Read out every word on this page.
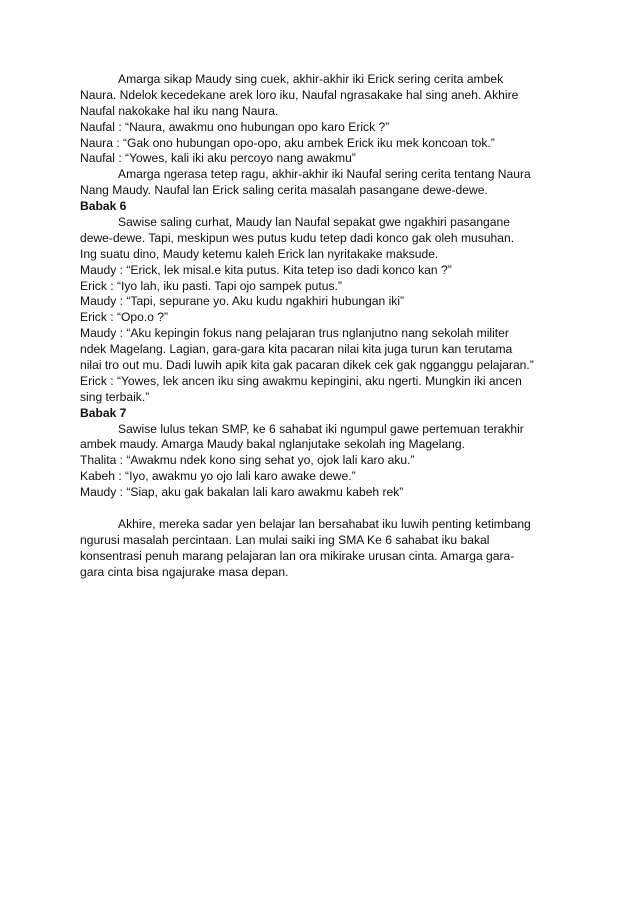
Amarga sikap Maudy sing cuek, akhir-akhir iki Erick sering cerita ambek
Naura. Ndelok kecedekane arek loro iku, Naufal ngrasakake hal sing aneh. Akhire
Naufal nakokake hal iku nang Naura.
Naufal : “Naura, awakmu ono hubungan opo karo Erick ?”
Naura : “Gak ono hubungan opo-opo, aku ambek Erick iku mek koncoan tok.”
Naufal : “Yowes, kali iki aku percoyo nang awakmu”
Amarga ngerasa tetep ragu, akhir-akhir iki Naufal sering cerita tentang Naura
Nang Maudy. Naufal lan Erick saling cerita masalah pasangane dewe-dewe.
Babak 6
Sawise saling curhat, Maudy lan Naufal sepakat gwe ngakhiri pasangane
dewe-dewe. Tapi, meskipun wes putus kudu tetep dadi konco gak oleh musuhan.
Ing suatu dino, Maudy ketemu kaleh Erick lan nyritakake maksude.
Maudy : “Erick, lek misal.e kita putus. Kita tetep iso dadi konco kan ?”
Erick : “Iyo lah, iku pasti. Tapi ojo sampek putus.”
Maudy : “Tapi, sepurane yo. Aku kudu ngakhiri hubungan iki”
Erick : “Opo.o ?”
Maudy : “Aku kepingin fokus nang pelajaran trus nglanjutno nang sekolah militer
ndek Magelang. Lagian, gara-gara kita pacaran nilai kita juga turun kan terutama
nilai tro out mu. Dadi luwih apik kita gak pacaran dikek cek gak ngganggu pelajaran.”
Erick : “Yowes, lek ancen iku sing awakmu kepingini, aku ngerti. Mungkin iki ancen
sing terbaik.”
Babak 7
Sawise lulus tekan SMP, ke 6 sahabat iki ngumpul gawe pertemuan terakhir
ambek maudy. Amarga Maudy bakal nglanjutake sekolah ing Magelang.
Thalita : “Awakmu ndek kono sing sehat yo, ojok lali karo aku.”
Kabeh : “Iyo, awakmu yo ojo lali karo awake dewe.”
Maudy : “Siap, aku gak bakalan lali karo awakmu kabeh rek”
Akhire, mereka sadar yen belajar lan bersahabat iku luwih penting ketimbang
ngurusi masalah percintaan. Lan mulai saiki ing SMA Ke 6 sahabat iku bakal
konsentrasi penuh marang pelajaran lan ora mikirake urusan cinta. Amarga gara-
gara cinta bisa ngajurake masa depan.
